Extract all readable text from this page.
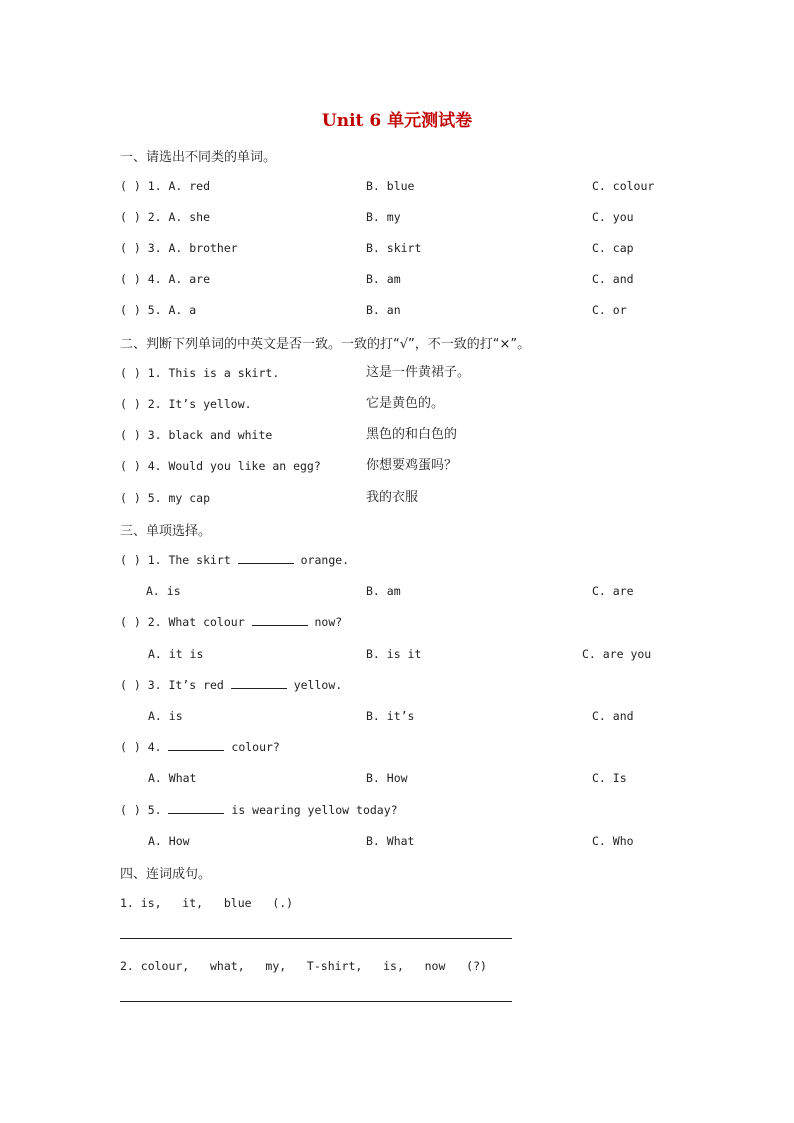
Unit 6 单元测试卷
一、请选出不同类的单词。
( ) 1. A. red	B. blue	C. colour
( ) 2. A. she	B. my	C. you
( ) 3. A. brother	B. skirt	C. cap
( ) 4. A. are	B. am	C. and
( ) 5. A. a	B. an	C. or
二、判断下列单词的中英文是否一致。一致的打“√”，不一致的打“×”。
( ) 1. This is a skirt.	这是一件黄裙子。
( ) 2. It’s yellow.	它是黄色的。
( ) 3. black and white	黑色的和白色的
( ) 4. Would you like an egg?	你想要鸡蛋吗？
( ) 5. my cap	我的衣服
三、单项选择。
( ) 1. The skirt	orange.
A. is	B. am	C. are
( ) 2. What colour	now?
A. it is	B. is it	C. are you
( ) 3. It’s red	yellow.
A. is	B. it’s	C. and
( ) 4.	colour?
A. What	B. How	C. Is
( ) 5.	is wearing yellow today?
A. How	B. What	C. Who
四、连词成句。
1. is,   it,   blue   (.)
2. colour,   what,   my,   T-shirt,   is,   now   (?)
